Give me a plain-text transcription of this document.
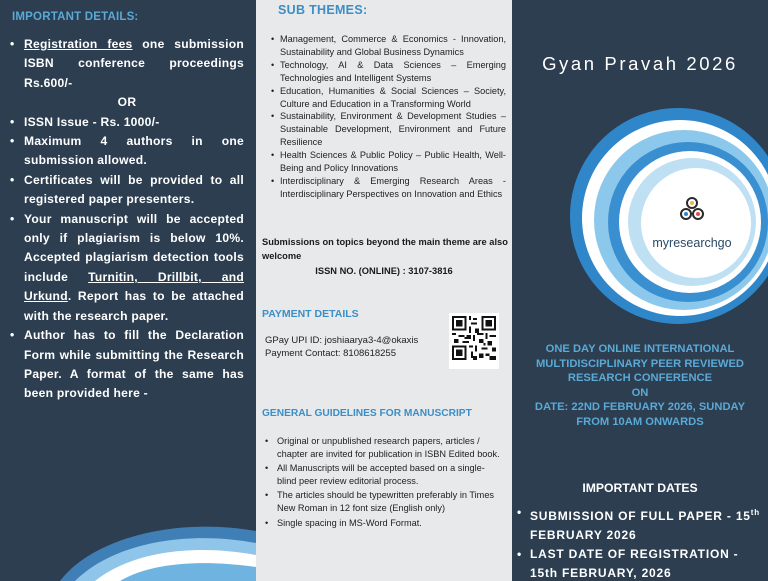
IMPORTANT DETAILS:
• Registration fees one submission ISBN conference proceedings Rs.600/-
OR
• ISSN Issue - Rs. 1000/-
• Maximum 4 authors in one submission allowed.
• Certificates will be provided to all registered paper presenters.
• Your manuscript will be accepted only if plagiarism is below 10%. Accepted plagiarism detection tools include Turnitin, Drillbit, and Urkund. Report has to be attached with the research paper.
• Author has to fill the Declaration Form while submitting the Research Paper. A format of the same has been provided here -
SUB THEMES:
• Management, Commerce & Economics - Innovation, Sustainability and Global Business Dynamics
• Technology, AI & Data Sciences – Emerging Technologies and Intelligent Systems
• Education, Humanities & Social Sciences – Society, Culture and Education in a Transforming World
• Sustainability, Environment & Development Studies – Sustainable Development, Environment and Future Resilience
• Health Sciences & Public Policy – Public Health, Well-Being and Policy Innovations
• Interdisciplinary & Emerging Research Areas - Interdisciplinary Perspectives on Innovation and Ethics
Submissions on topics beyond the main theme are also welcome
ISSN NO. (ONLINE) : 3107-3816
PAYMENT DETAILS
GPay UPI ID: joshiaarya3-4@okaxis
Payment Contact: 8108618255
GENERAL GUIDELINES FOR MANUSCRIPT
• Original or unpublished research papers, articles / chapter are invited for publication in ISBN Edited book.
• All Manuscripts will be accepted based on a single-blind peer review editorial process.
• The articles should be typewritten preferably in Times New Roman in 12 font size (English only)
• Single spacing in MS-Word Format.
Gyan Pravah 2026
myresearchgo
ONE DAY ONLINE INTERNATIONAL MULTIDISCIPLINARY PEER REVIEWED RESEARCH CONFERENCE
ON
DATE: 22ND FEBRUARY 2026, SUNDAY FROM 10AM ONWARDS
IMPORTANT DATES
• SUBMISSION OF FULL PAPER - 15th FEBRUARY 2026
• LAST DATE OF REGISTRATION - 15th FEBRUARY, 2026
